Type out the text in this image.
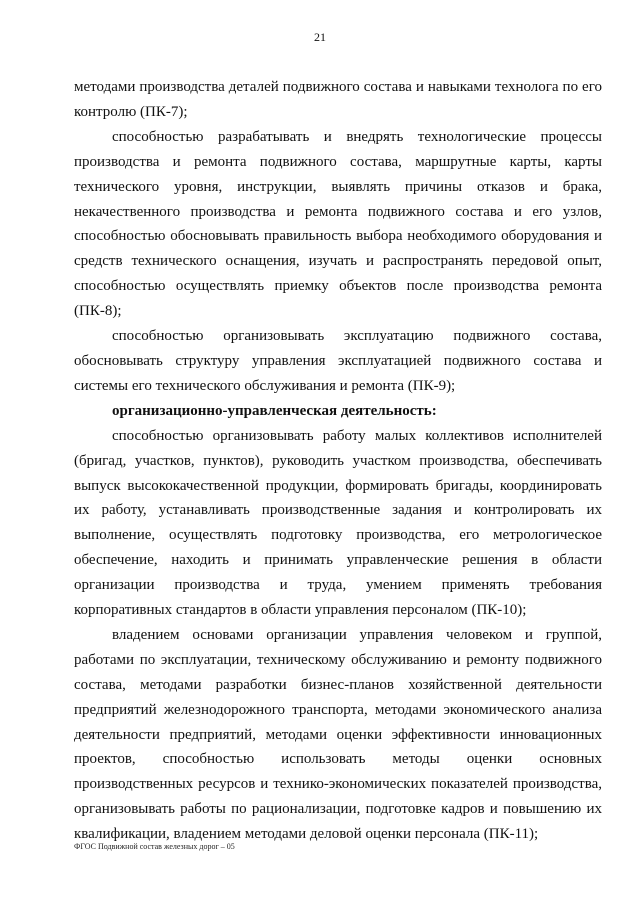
21

методами производства деталей подвижного состава и навыками технолога по его контролю (ПК-7);

способностью разрабатывать и внедрять технологические процессы производства и ремонта подвижного состава, маршрутные карты, карты технического уровня, инструкции, выявлять причины отказов и брака, некачественного производства и ремонта подвижного состава и его узлов, способностью обосновывать правильность выбора необходимого оборудования и средств технического оснащения, изучать и распространять передовой опыт, способностью осуществлять приемку объектов после производства ремонта (ПК-8);

способностью организовывать эксплуатацию подвижного состава, обосновывать структуру управления эксплуатацией подвижного состава и системы его технического обслуживания и ремонта (ПК-9);

организационно-управленческая деятельность:

способностью организовывать работу малых коллективов исполнителей (бригад, участков, пунктов), руководить участком производства, обеспечивать выпуск высококачественной продукции, формировать бригады, координировать их работу, устанавливать производственные задания и контролировать их выполнение, осуществлять подготовку производства, его метрологическое обеспечение, находить и принимать управленческие решения в области организации производства и труда, умением применять требования корпоративных стандартов в области управления персоналом (ПК-10);

владением основами организации управления человеком и группой, работами по эксплуатации, техническому обслуживанию и ремонту подвижного состава, методами разработки бизнес-планов хозяйственной деятельности предприятий железнодорожного транспорта, методами экономического анализа деятельности предприятий, методами оценки эффективности инновационных проектов, способностью использовать методы оценки основных производственных ресурсов и технико-экономических показателей производства, организовывать работы по рационализации, подготовке кадров и повышению их квалификации, владением методами деловой оценки персонала (ПК-11);

ФГОС Подвижной состав железных дорог – 05
